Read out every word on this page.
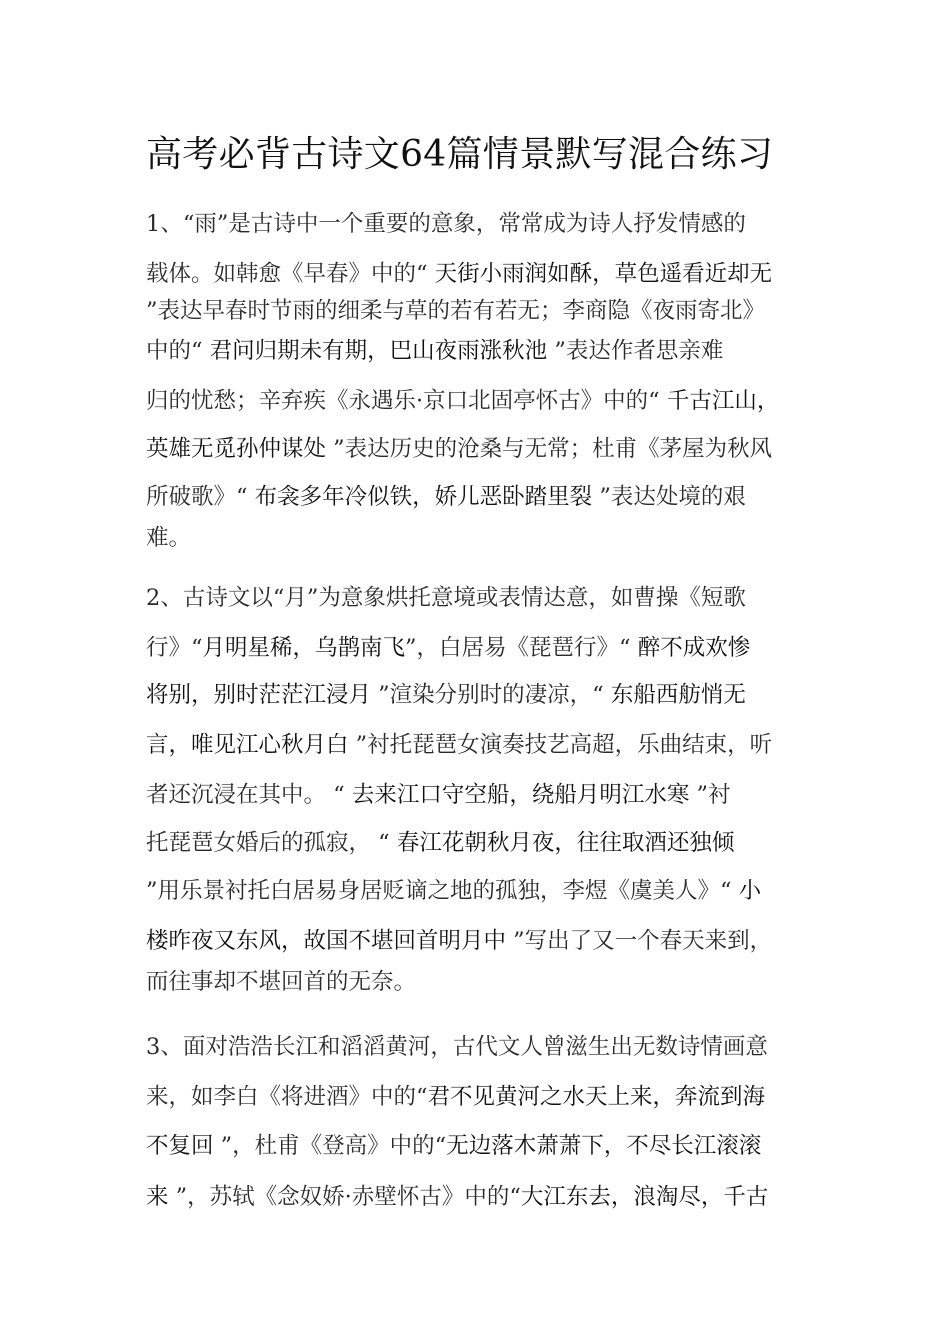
高考必背古诗文64篇情景默写混合练习
1、“雨”是古诗中一个重要的意象，常常成为诗人抒发情感的
载体。如韩愈《早春》中的“ 天街小雨润如酥，草色遥看近却无
”表达早春时节雨的细柔与草的若有若无；李商隐《夜雨寄北》
中的“ 君问归期未有期，巴山夜雨涨秋池 ”表达作者思亲难
归的忧愁；辛弃疾《永遇乐·京口北固亭怀古》中的“ 千古江山，
英雄无觅孙仲谋处 ”表达历史的沧桑与无常；杜甫《茅屋为秋风
所破歌》“ 布衾多年冷似铁，娇儿恶卧踏里裂 ”表达处境的艰
难。
2、古诗文以“月”为意象烘托意境或表情达意，如曹操《短歌
行》“月明星稀，乌鹊南飞”，白居易《琵琶行》“ 醉不成欢惨
将别，别时茫茫江浸月 ”渲染分别时的凄凉，“ 东船西舫悄无
言，唯见江心秋月白 ”衬托琵琶女演奏技艺高超，乐曲结束，听
者还沉浸在其中。 “ 去来江口守空船，绕船月明江水寒 ”衬
托琵琶女婚后的孤寂， “ 春江花朝秋月夜，往往取酒还独倾
”用乐景衬托白居易身居贬谪之地的孤独，李煜《虞美人》“ 小
楼昨夜又东风，故国不堪回首明月中 ”写出了又一个春天来到，
而往事却不堪回首的无奈。
3、面对浩浩长江和滔滔黄河，古代文人曾滋生出无数诗情画意
来，如李白《将进酒》中的“君不见黄河之水天上来，奔流到海
不复回 ”，杜甫《登高》中的“无边落木萧萧下，不尽长江滚滚
来 ”，苏轼《念奴娇·赤壁怀古》中的“大江东去，浪淘尽，千古
